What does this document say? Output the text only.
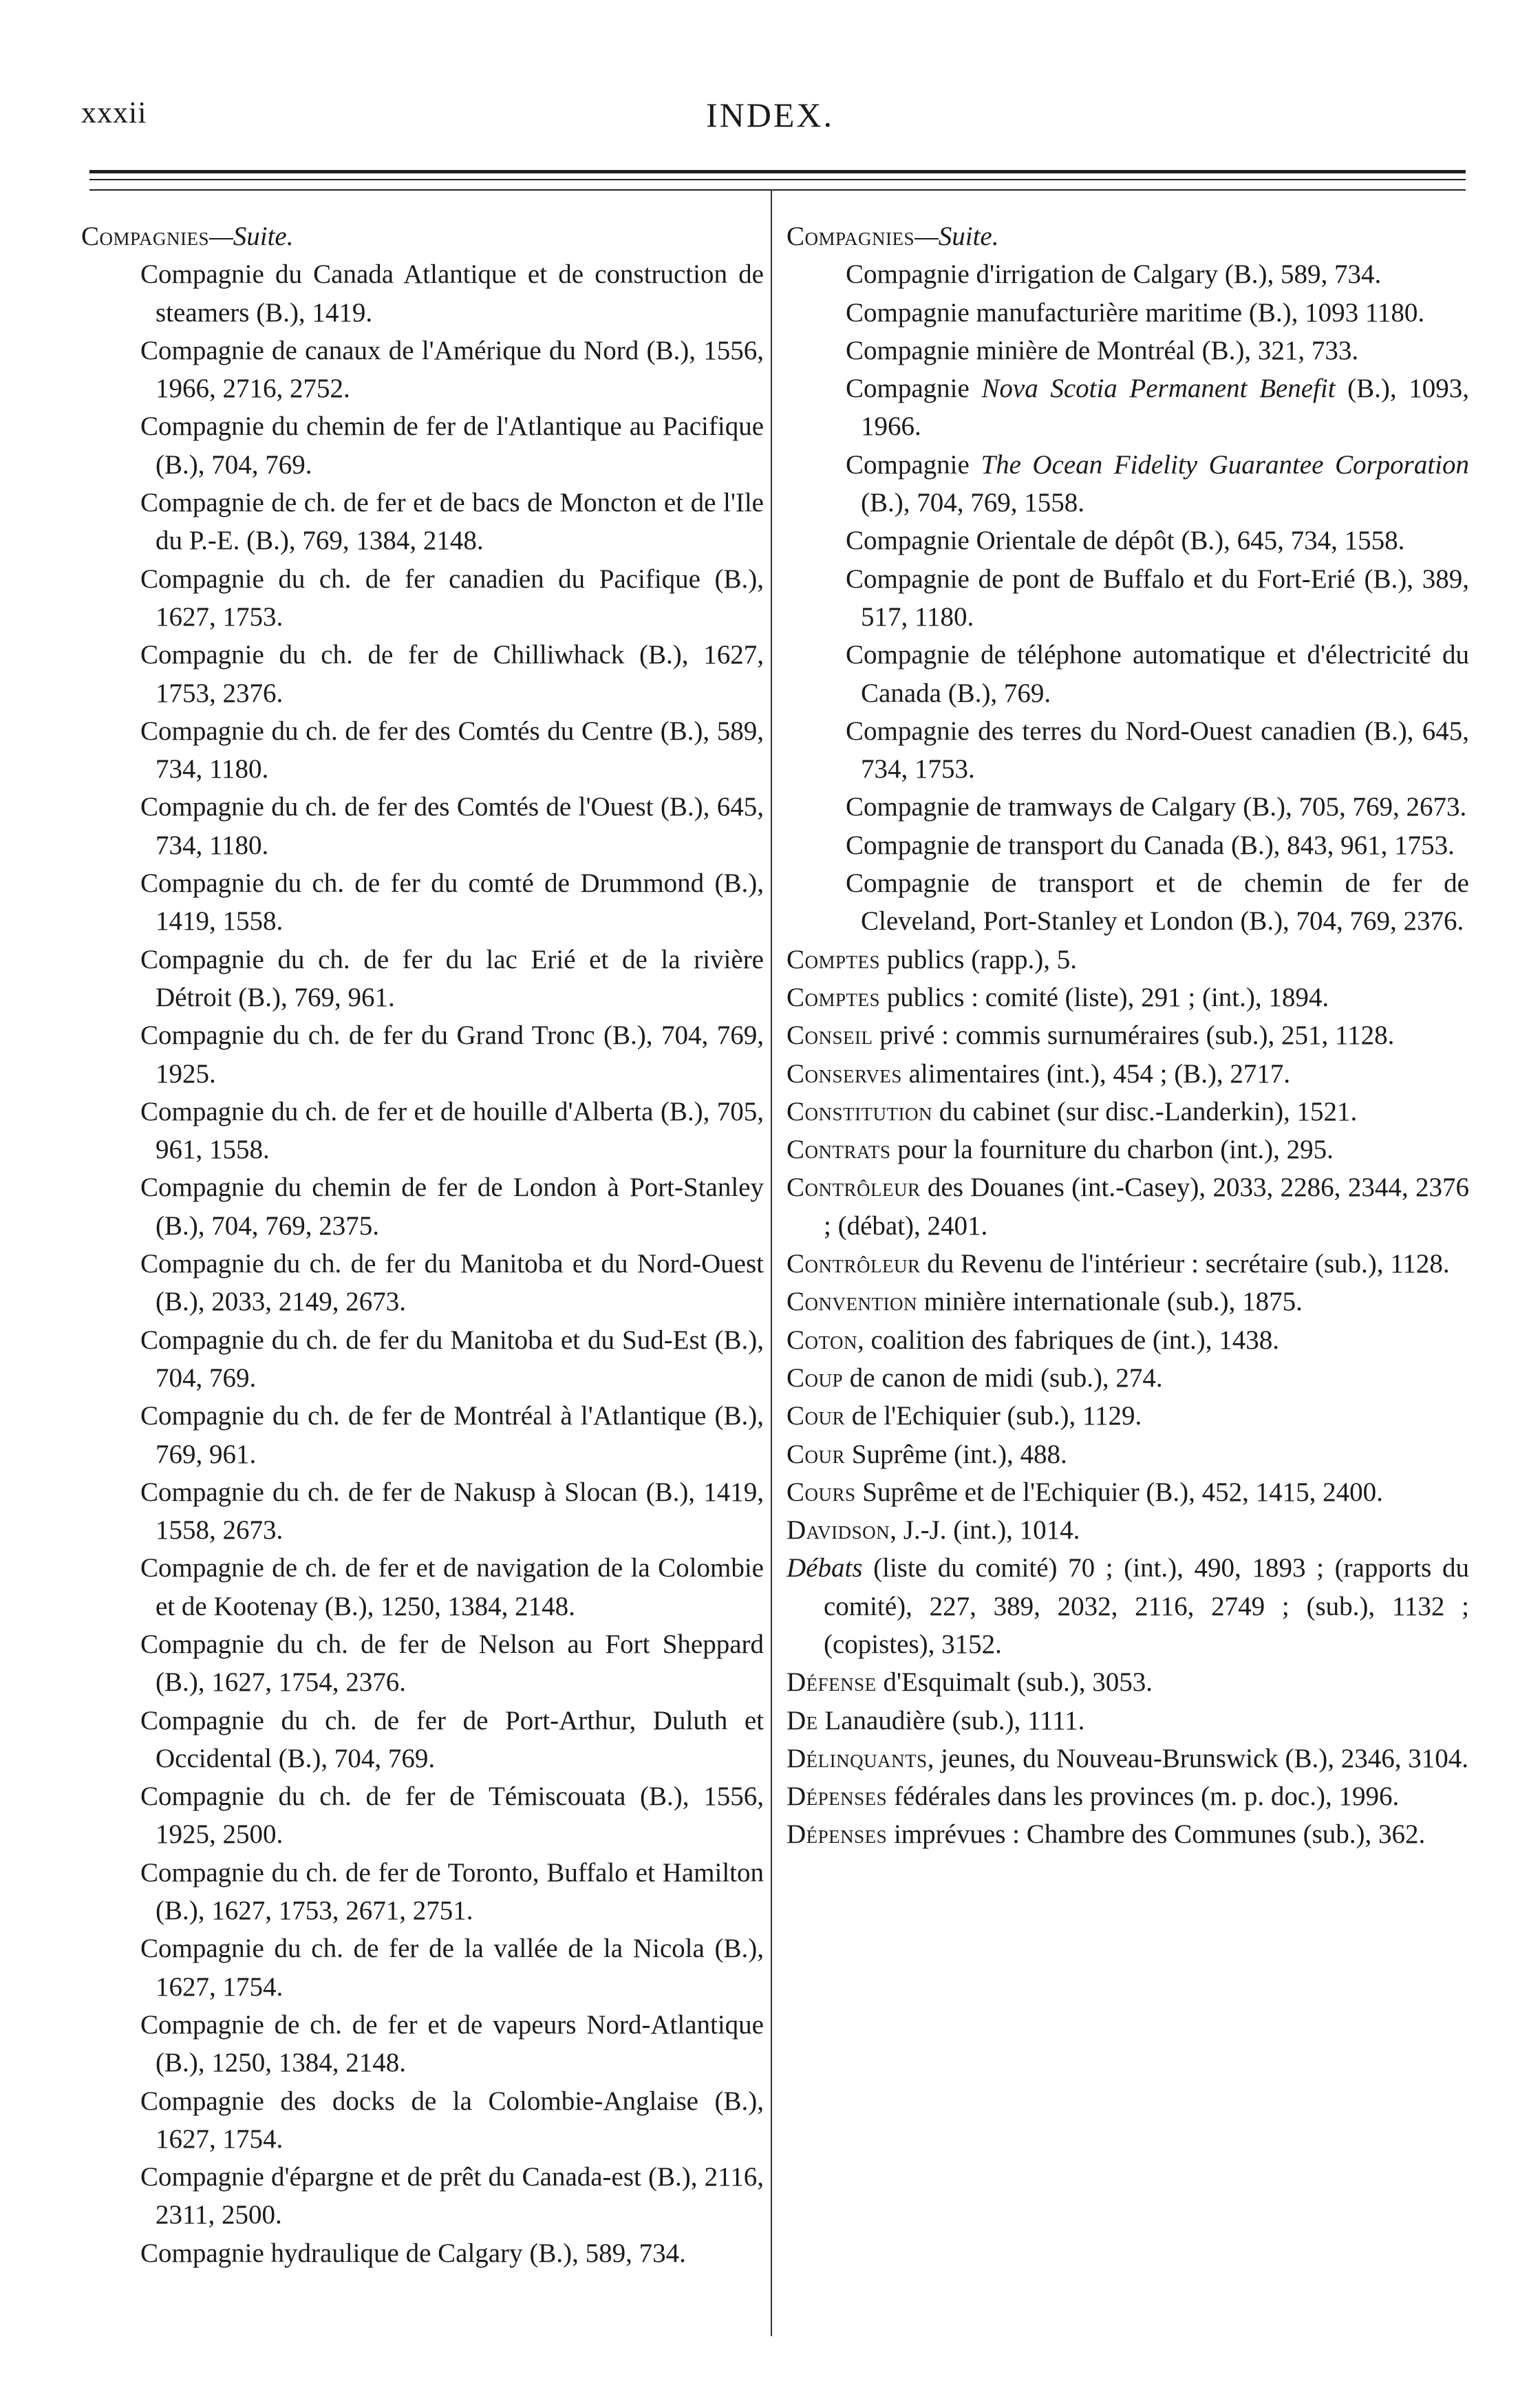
INDEX.
xxxii

Compagnies—Suite.

Compagnie du Canada Atlantique et de construction de steamers (B.), 1419.

Compagnie de canaux de l'Amérique du Nord (B.), 1556, 1966, 2716, 2752.

Compagnie du chemin de fer de l'Atlantique au Pacifique (B.), 704, 769.

Compagnie de ch. de fer et de bacs de Moncton et de l'Ile du P.-E. (B.), 769, 1384, 2148.

Compagnie du ch. de fer canadien du Pacifique (B.), 1627, 1753.

Compagnie du ch. de fer de Chilliwhack (B.), 1627, 1753, 2376.

Compagnie du ch. de fer des Comtés du Centre (B.), 589, 734, 1180.

Compagnie du ch. de fer des Comtés de l'Ouest (B.), 645, 734, 1180.

Compagnie du ch. de fer du comté de Drummond (B.), 1419, 1558.

Compagnie du ch. de fer du lac Erié et de la rivière Détroit (B.), 769, 961.

Compagnie du ch. de fer du Grand Tronc (B.), 704, 769, 1925.

Compagnie du ch. de fer et de houille d'Alberta (B.), 705, 961, 1558.

Compagnie du chemin de fer de London à Port-Stanley (B.), 704, 769, 2375.

Compagnie du ch. de fer du Manitoba et du Nord-Ouest (B.), 2033, 2149, 2673.

Compagnie du ch. de fer du Manitoba et du Sud-Est (B.), 704, 769.

Compagnie du ch. de fer de Montréal à l'Atlantique (B.), 769, 961.

Compagnie du ch. de fer de Nakusp à Slocan (B.), 1419, 1558, 2673.

Compagnie de ch. de fer et de navigation de la Colombie et de Kootenay (B.), 1250, 1384, 2148.

Compagnie du ch. de fer de Nelson au Fort Sheppard (B.), 1627, 1754, 2376.

Compagnie du ch. de fer de Port-Arthur, Duluth et Occidental (B.), 704, 769.

Compagnie du ch. de fer de Témiscouata (B.), 1556, 1925, 2500.

Compagnie du ch. de fer de Toronto, Buffalo et Hamilton (B.), 1627, 1753, 2671, 2751.

Compagnie du ch. de fer de la vallée de la Nicola (B.), 1627, 1754.

Compagnie de ch. de fer et de vapeurs Nord-Atlantique (B.), 1250, 1384, 2148.

Compagnie des docks de la Colombie-Anglaise (B.), 1627, 1754.

Compagnie d'épargne et de prêt du Canada-est (B.), 2116, 2311, 2500.

Compagnie hydraulique de Calgary (B.), 589, 734.

Compagnies—Suite.

Compagnie d'irrigation de Calgary (B.), 589, 734.

Compagnie manufacturière maritime (B.), 1093 1180.

Compagnie minière de Montréal (B.), 321, 733.

Compagnie Nova Scotia Permanent Benefit (B.), 1093, 1966.

Compagnie The Ocean Fidelity Guarantee Corporation (B.), 704, 769, 1558.

Compagnie Orientale de dépôt (B.), 645, 734, 1558.

Compagnie de pont de Buffalo et du Fort-Erié (B.), 389, 517, 1180.

Compagnie de téléphone automatique et d'électricité du Canada (B.), 769.

Compagnie des terres du Nord-Ouest canadien (B.), 645, 734, 1753.

Compagnie de tramways de Calgary (B.), 705, 769, 2673.

Compagnie de transport du Canada (B.), 843, 961, 1753.

Compagnie de transport et de chemin de fer de Cleveland, Port-Stanley et London (B.), 704, 769, 2376.

Comptes publics (rapp.), 5.

Comptes publics : comité (liste), 291 ; (int.), 1894.

Conseil privé : commis surnuméraires (sub.), 251, 1128.

Conserves alimentaires (int.), 454 ; (B.), 2717.

Constitution du cabinet (sur disc.-Landerkin), 1521.

Contrats pour la fourniture du charbon (int.), 295.

Contrôleur des Douanes (int.-Casey), 2033, 2286, 2344, 2376 ; (débat), 2401.

Contrôleur du Revenu de l'intérieur : secrétaire (sub.), 1128.

Convention minière internationale (sub.), 1875.

Coton, coalition des fabriques de (int.), 1438.

Coup de canon de midi (sub.), 274.

Cour de l'Echiquier (sub.), 1129.

Cour Suprême (int.), 488.

Cours Suprême et de l'Echiquier (B.), 452, 1415, 2400.

Davidson, J.-J. (int.), 1014.

Débats (liste du comité) 70 ; (int.), 490, 1893 ; (rapports du comité), 227, 389, 2032, 2116, 2749 ; (sub.), 1132 ; (copistes), 3152.

Défense d'Esquimalt (sub.), 3053.

De Lanaudière (sub.), 1111.

Délinquants, jeunes, du Nouveau-Brunswick (B.), 2346, 3104.

Dépenses fédérales dans les provinces (m. p. doc.), 1996.

Dépenses imprévues : Chambre des Communes (sub.), 362.
